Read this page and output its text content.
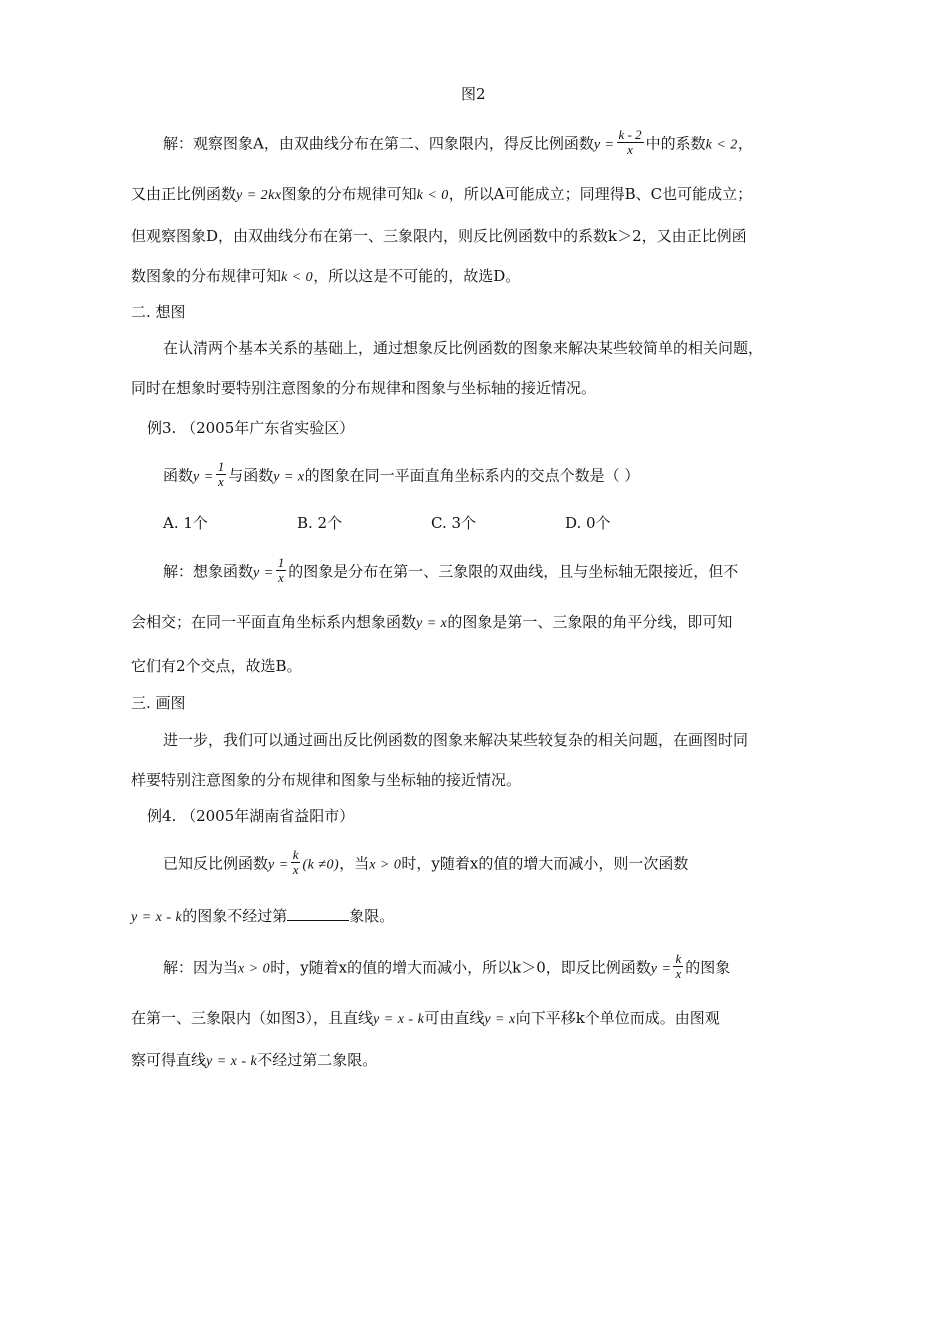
图2
解：观察图象A，由双曲线分布在第二、四象限内，得反比例函数$y = \frac{k - 2}{x}$ 中的系数k < 2，
又由正比例函数y = 2kx图象的分布规律可知k < 0，所以A可能成立；同理得B、C也可能成立；
但观察图象D，由双曲线分布在第一、三象限内，则反比例函数中的系数k＞2，又由正比例函
数图象的分布规律可知k < 0，所以这是不可能的，故选D。
二. 想图
在认清两个基本关系的基础上，通过想象反比例函数的图象来解决某些较简单的相关问题，
同时在想象时要特别注意图象的分布规律和图象与坐标轴的接近情况。
例3. （2005年广东省实验区）
函数$y = \frac{1}{x}$ 与函数y = x的图象在同一平面直角坐标系内的交点个数是（ ）
A. 1个	B. 2个	C. 3个	D. 0个
解：想象函数$y = \frac{1}{x}$ 的图象是分布在第一、三象限的双曲线，且与坐标轴无限接近，但不
会相交；在同一平面直角坐标系内想象函数y = x的图象是第一、三象限的角平分线，即可知
它们有2个交点，故选B。
三. 画图
进一步，我们可以通过画出反比例函数的图象来解决某些较复杂的相关问题，在画图时同
样要特别注意图象的分布规律和图象与坐标轴的接近情况。
例4. （2005年湖南省益阳市）
已知反比例函数$y = \frac{k}{x} (k \ne 0)$，当x > 0时，y随着x的值的增大而减小，则一次函数
y = x - k的图象不经过第	象限。
解：因为当x > 0时，y随着x的值的增大而减小，所以k＞0，即反比例函数$y = \frac{k}{x}$ 的图象
在第一、三象限内（如图3），且直线y = x - k可由直线y = x向下平移k个单位而成。由图观
察可得直线y = x - k不经过第二象限。
